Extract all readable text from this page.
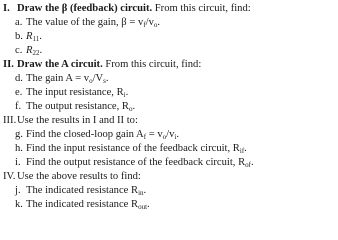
I. Draw the β (feedback) circuit. From this circuit, find:
a. The value of the gain, $\beta = v_f/v_o$.
b. $R_{11}$.
c. $R_{22}$.
II. Draw the A circuit. From this circuit, find:
d. The gain $A = v_o/V_s$.
e. The input resistance, $R_i$.
f. The output resistance, $R_o$.
III.Use the results in I and II to:
g. Find the closed-loop gain $A_f = v_o/v_i$.
h. Find the input resistance of the feedback circuit, $R_{if}$.
i. Find the output resistance of the feedback circuit, $R_{of}$.
IV. Use the above results to find:
j. The indicated resistance $R_{in}$.
k. The indicated resistance $R_{out}$.
